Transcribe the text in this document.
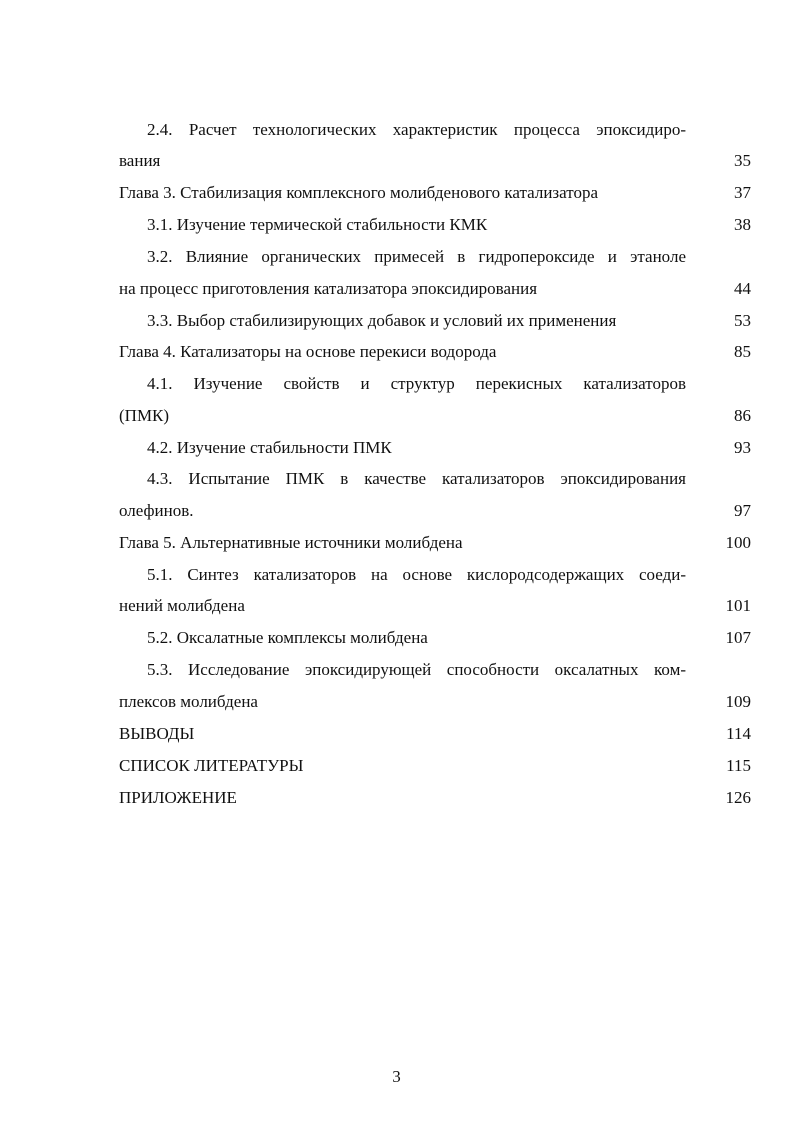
2.4. Расчет технологических характеристик процесса эпоксидиро-
вания	35
Глава 3. Стабилизация комплексного молибденового катализатора	37
3.1. Изучение термической стабильности КМК	38
3.2. Влияние органических примесей в гидропероксиде и этаноле
на процесс приготовления катализатора эпоксидирования	44
3.3. Выбор стабилизирующих добавок и условий их применения	53
Глава 4. Катализаторы на основе перекиси водорода	85
4.1. Изучение свойств и структур перекисных катализаторов
(ПМК)	86
4.2. Изучение стабильности ПМК	93
4.3. Испытание ПМК в качестве катализаторов эпоксидирования
олефинов.	97
Глава 5. Альтернативные источники молибдена	100
5.1. Синтез катализаторов на основе кислородсодержащих соеди-
нений молибдена	101
5.2. Оксалатные комплексы молибдена	107
5.3. Исследование эпоксидирующей способности оксалатных ком-
плексов молибдена	109
ВЫВОДЫ	114
СПИСОК ЛИТЕРАТУРЫ	115
ПРИЛОЖЕНИЕ	126
3
